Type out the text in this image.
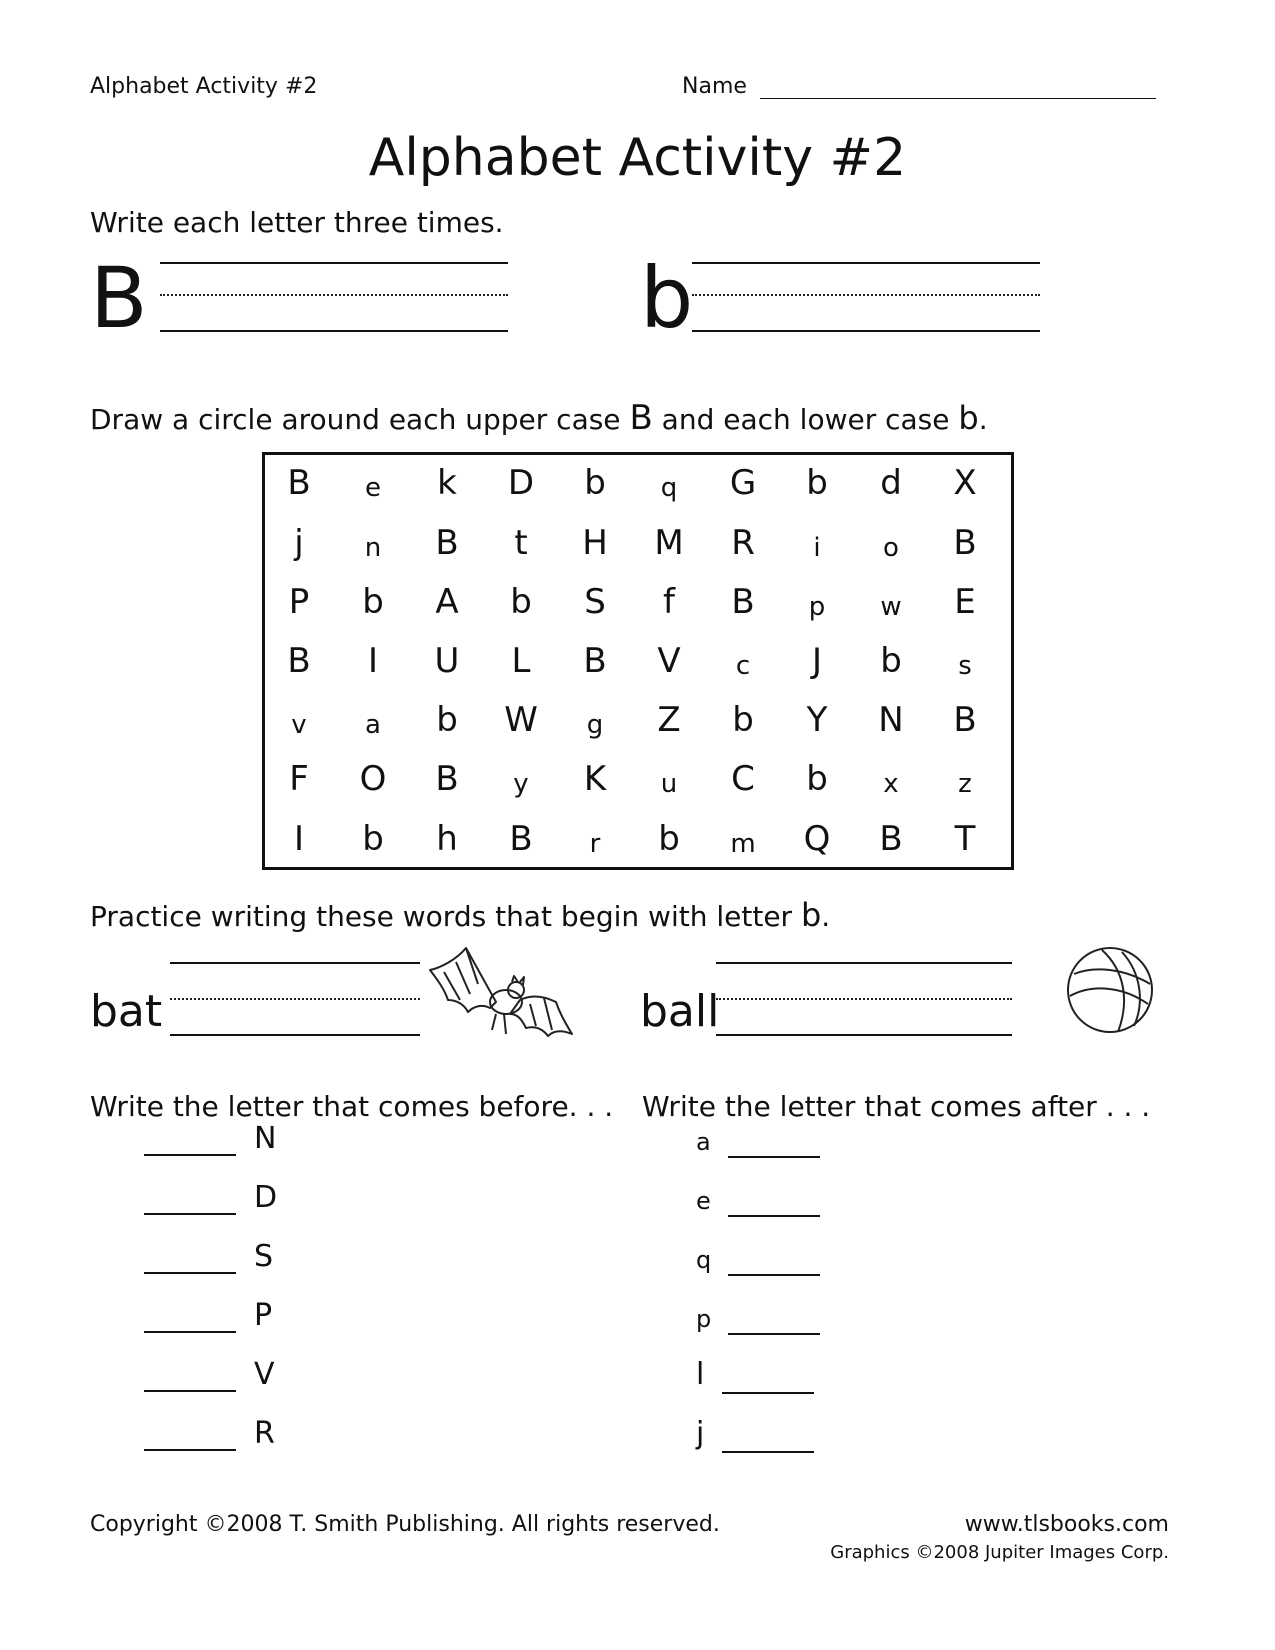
Alphabet Activity #2	Name
Alphabet Activity #2
Write each letter three times.
B	b
Draw a circle around each upper case B and each lower case b.
B	e	k	D	b	q	G	b	d	X
j	n	B	t	H	M	R	i	o	B
P	b	A	b	S	f	B	p	w	E
B	I	U	L	B	V	c	J	b	s
v	a	b	W	g	Z	b	Y	N	B
F	O	B	y	K	u	C	b	x	z
I	b	h	B	r	b	m	Q	B	T
Practice writing these words that begin with letter b.
bat	ball
Write the letter that comes before. . . Write the letter that comes after . . .
N
D
S
P
V
R
a
e
q
p
l
j
Copyright ©2008 T. Smith Publishing. All rights reserved.	www.tlsbooks.com
Graphics ©2008 Jupiter Images Corp.
